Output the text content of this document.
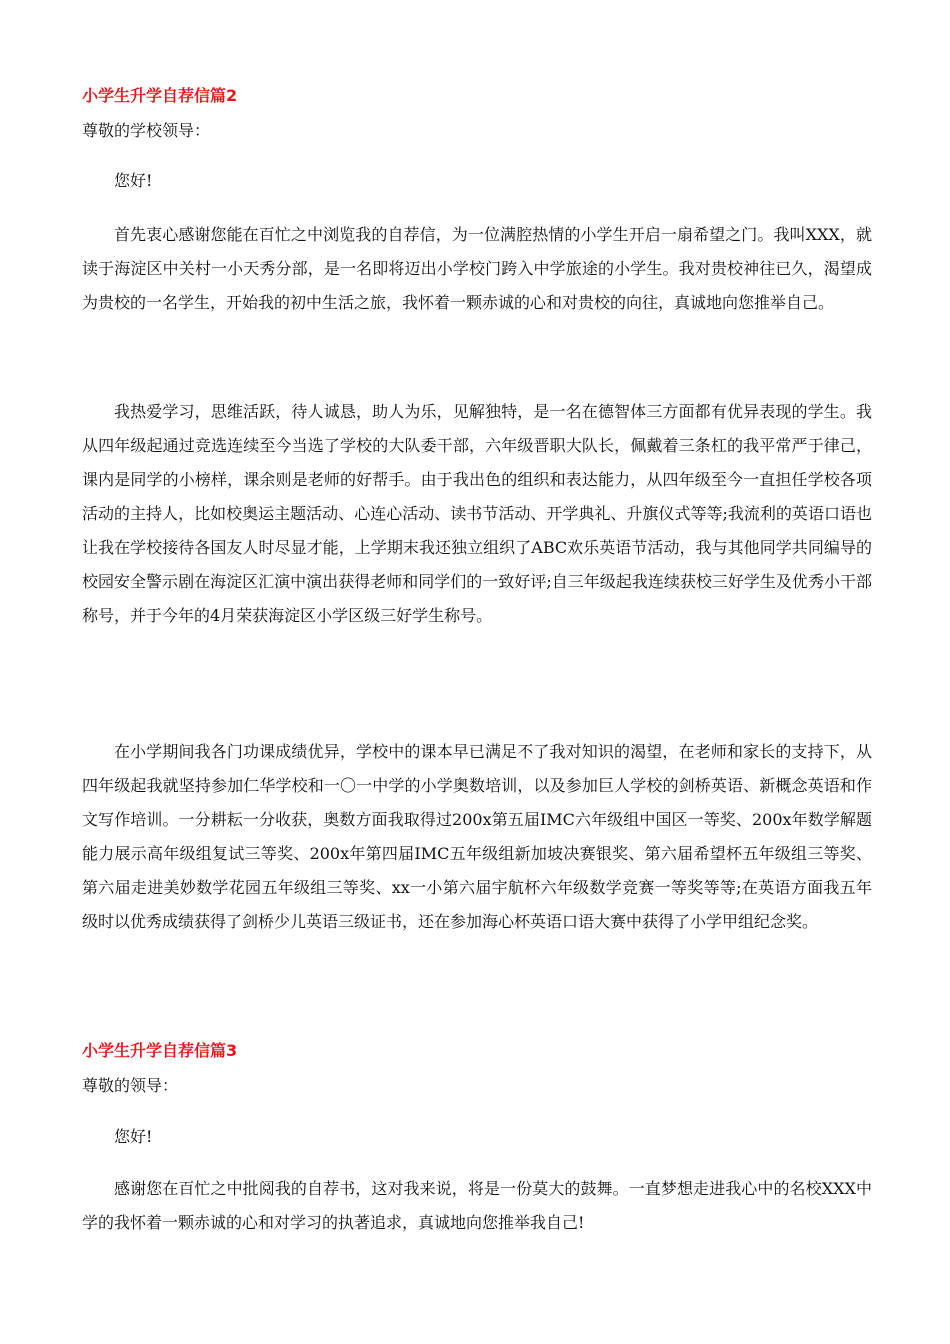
小学生升学自荐信篇2
尊敬的学校领导：
您好!

首先衷心感谢您能在百忙之中浏览我的自荐信，为一位满腔热情的小学生开启一扇希望之门。我叫XXX，就读于海淀区中关村一小天秀分部，是一名即将迈出小学校门跨入中学旅途的小学生。我对贵校神往已久，渴望成为贵校的一名学生，开始我的初中生活之旅，我怀着一颗赤诚的心和对贵校的向往，真诚地向您推举自己。

我热爱学习，思维活跃，待人诚恳，助人为乐，见解独特，是一名在德智体三方面都有优异表现的学生。我从四年级起通过竞选连续至今当选了学校的大队委干部，六年级晋职大队长，佩戴着三条杠的我平常严于律己，课内是同学的小榜样，课余则是老师的好帮手。由于我出色的组织和表达能力，从四年级至今一直担任学校各项活动的主持人，比如校奥运主题活动、心连心活动、读书节活动、开学典礼、升旗仪式等等;我流利的英语口语也让我在学校接待各国友人时尽显才能，上学期末我还独立组织了ABC欢乐英语节活动，我与其他同学共同编导的校园安全警示剧在海淀区汇演中演出获得老师和同学们的一致好评;自三年级起我连续获校三好学生及优秀小干部称号，并于今年的4月荣获海淀区小学区级三好学生称号。

在小学期间我各门功课成绩优异，学校中的课本早已满足不了我对知识的渴望，在老师和家长的支持下，从四年级起我就坚持参加仁华学校和一〇一中学的小学奥数培训，以及参加巨人学校的剑桥英语、新概念英语和作文写作培训。一分耕耘一分收获，奥数方面我取得过200x第五届IMC六年级组中国区一等奖、200x年数学解题能力展示高年级组复试三等奖、200x年第四届IMC五年级组新加坡决赛银奖、第六届希望杯五年级组三等奖、第六届走进美妙数学花园五年级组三等奖、xx一小第六届宇航杯六年级数学竞赛一等奖等等;在英语方面我五年级时以优秀成绩获得了剑桥少儿英语三级证书，还在参加海心杯英语口语大赛中获得了小学甲组纪念奖。

小学生升学自荐信篇3
尊敬的领导：
您好!

感谢您在百忙之中批阅我的自荐书，这对我来说，将是一份莫大的鼓舞。一直梦想走进我心中的名校XXX中学的我怀着一颗赤诚的心和对学习的执著追求，真诚地向您推举我自己!
